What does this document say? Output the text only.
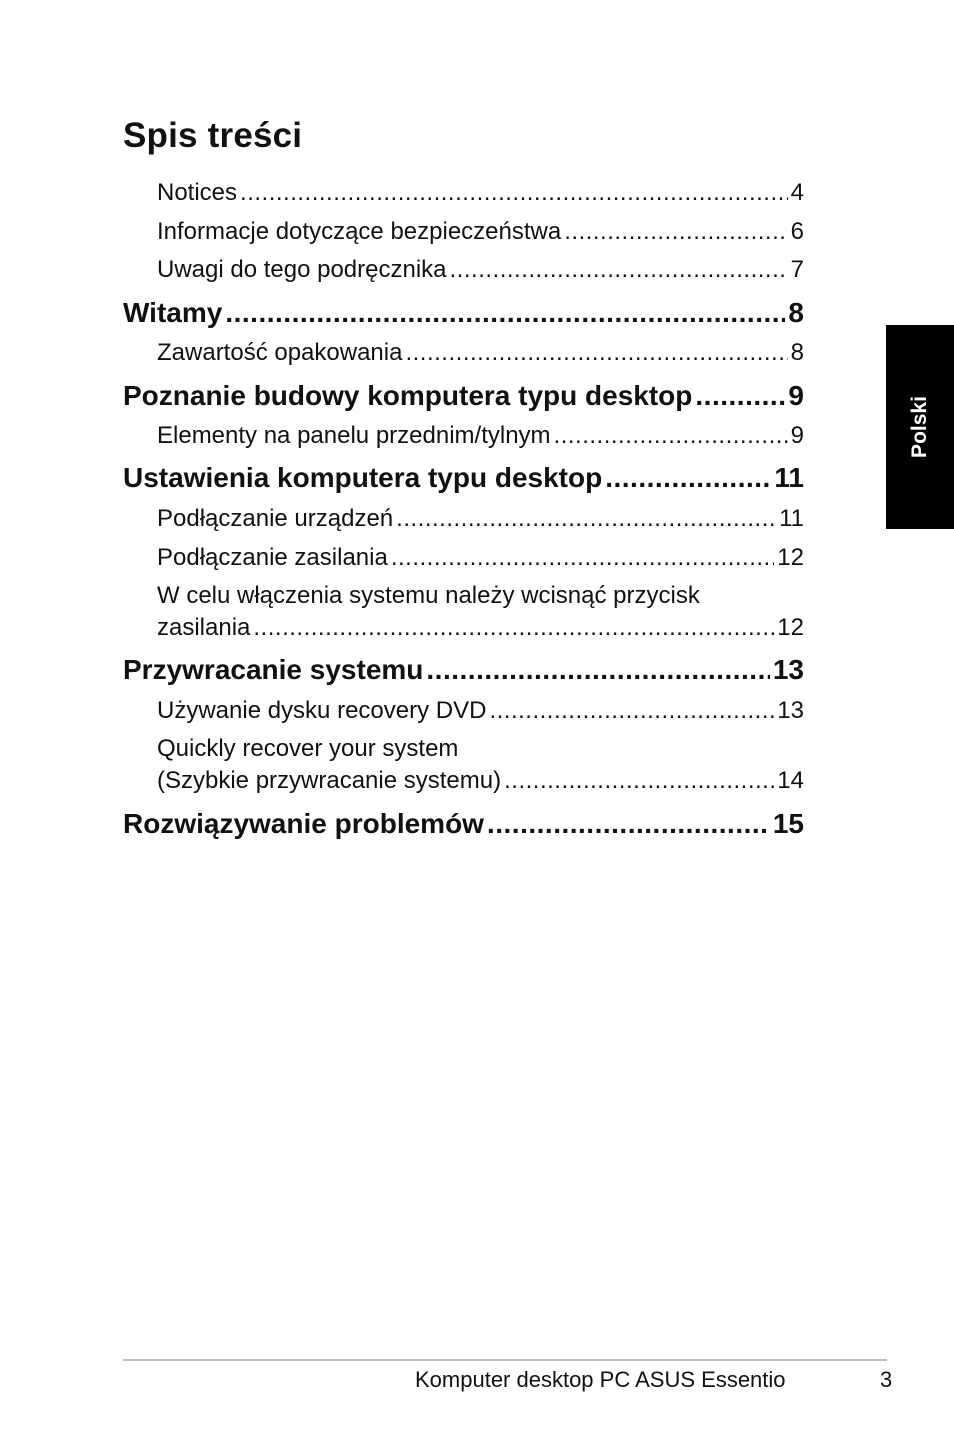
Spis treści
Notices .....	4
Informacje dotyczące bezpieczeństwa .....	6
Uwagi do tego podręcznika .....	7
Witamy .....	8
Zawartość opakowania .....	8
Poznanie budowy komputera typu desktop .....	9
Elementy na panelu przednim/tylnym .....	9
Ustawienia komputera typu desktop .....	11
Podłączanie urządzeń .....	11
Podłączanie zasilania .....	12
W celu włączenia systemu należy wcisnąć przycisk
zasilania .....	12
Przywracanie systemu .....	13
Używanie dysku recovery DVD .....	13
Quickly recover your system
(Szybkie przywracanie systemu) .....	14
Rozwiązywanie problemów .....	15
Polski
Komputer desktop PC ASUS Essentio	3
